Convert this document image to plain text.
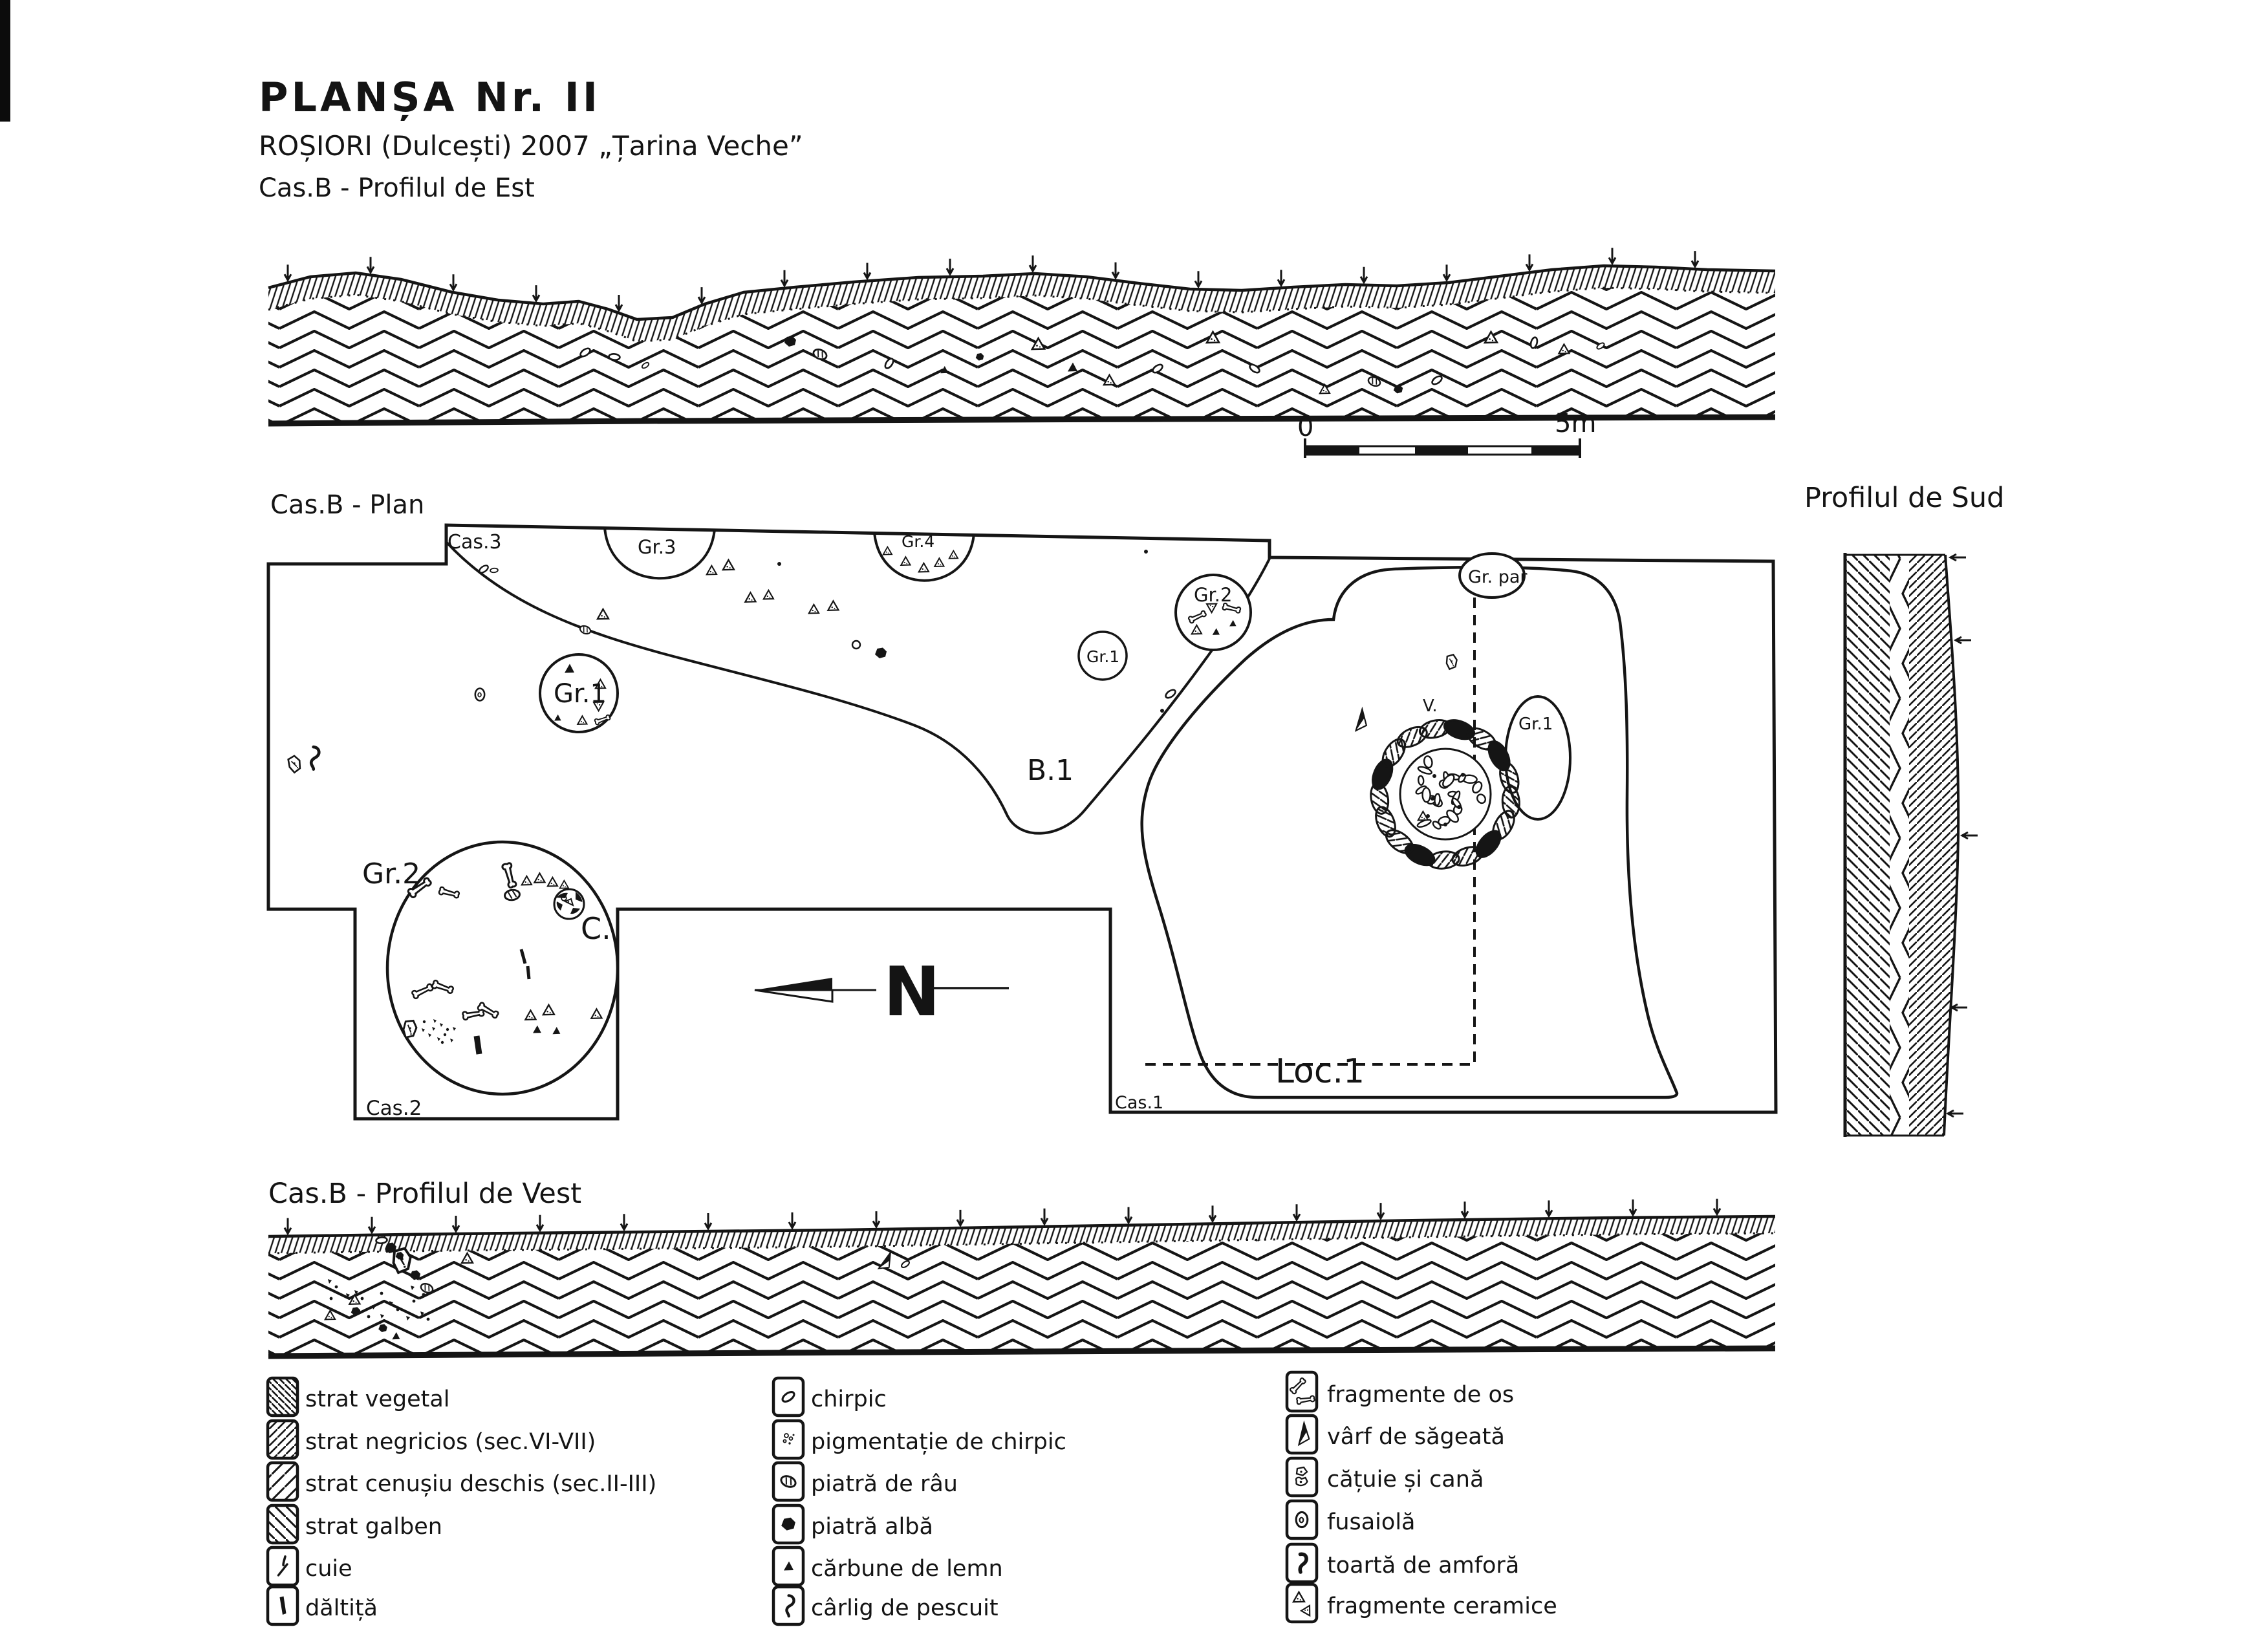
PLANȘA Nr. II
ROȘIORI (Dulcești) 2007 „Țarina Veche”
Cas.B - Profilul de Est
0	5m
Cas.B - Plan
Cas.3	Gr.3	Gr.4
Gr.1
Gr.2
Gr.1
B.1
Gr. par
V.
Gr.1
Loc.1
Cas.1
Gr.2
C.
Cas.2
N
Profilul de Sud
Cas.B - Profilul de Vest
strat vegetal
strat negricios (sec.VI-VII)
strat cenușiu deschis (sec.II-III)
strat galben
cuie
dăltiță
chirpic
pigmentație de chirpic
piatră de râu
piatră albă
cărbune de lemn
cârlig de pescuit
fragmente de os
vârf de săgeată
cățuie și cană
fusaiolă
toartă de amforă
fragmente ceramice
